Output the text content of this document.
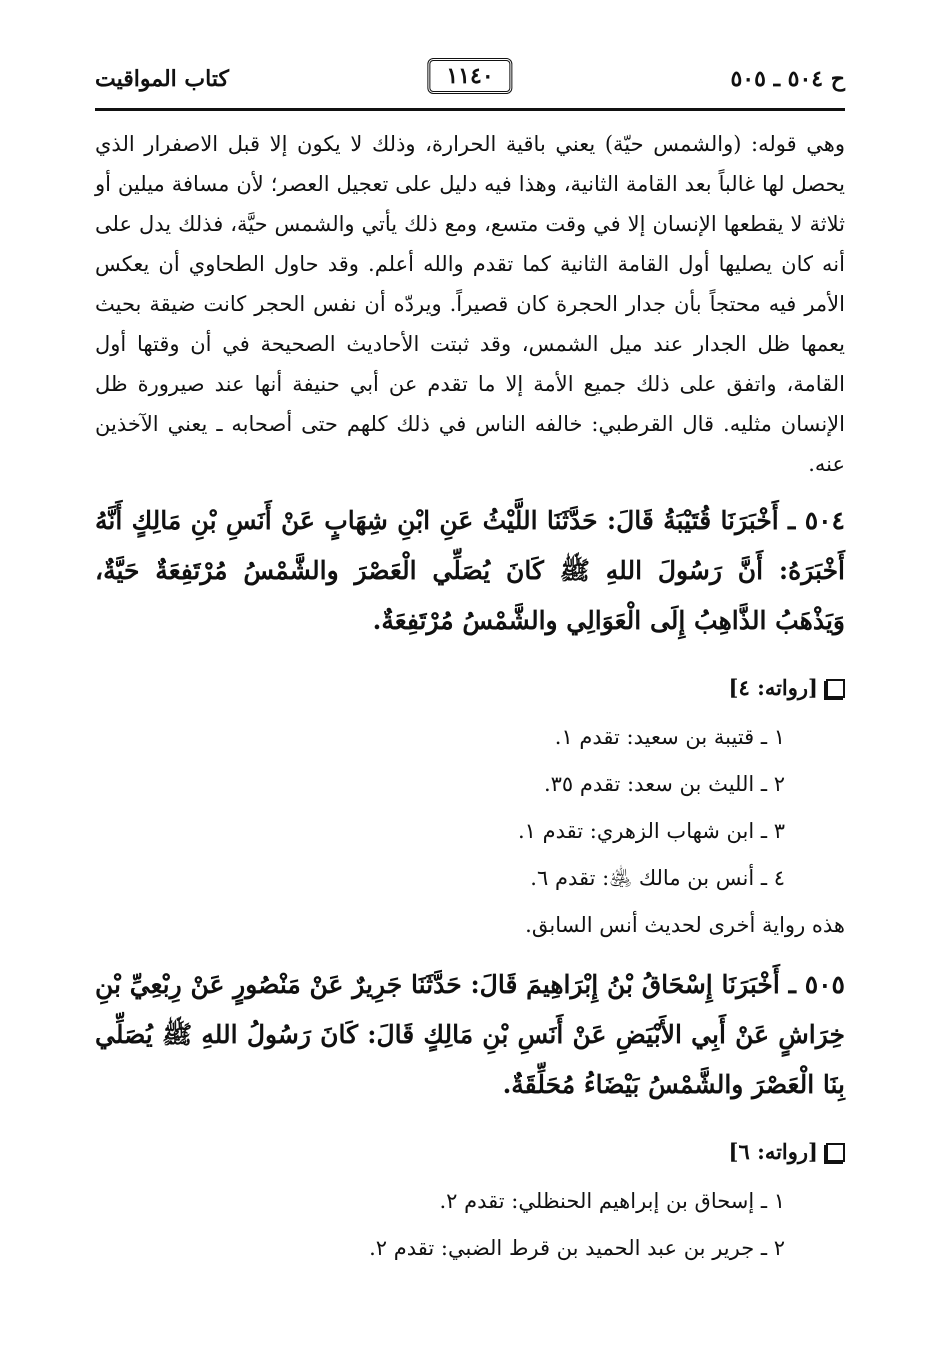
كتاب المواقيت	١١٤٠	ح ٥٠٤ ـ ٥٠٥

وهي قوله: (والشمس حيّة) يعني باقية الحرارة، وذلك لا يكون إلا قبل الاصفرار الذي يحصل لها غالباً بعد القامة الثانية، وهذا فيه دليل على تعجيل العصر؛ لأن مسافة ميلين أو ثلاثة لا يقطعها الإنسان إلا في وقت متسع، ومع ذلك يأتي والشمس حيَّة، فذلك يدل على أنه كان يصليها أول القامة الثانية كما تقدم والله أعلم. وقد حاول الطحاوي أن يعكس الأمر فيه محتجاً بأن جدار الحجرة كان قصيراً. ويردّه أن نفس الحجر كانت ضيقة بحيث يعمها ظل الجدار عند ميل الشمس، وقد ثبتت الأحاديث الصحيحة في أن وقتها أول القامة، واتفق على ذلك جميع الأمة إلا ما تقدم عن أبي حنيفة أنها عند صيرورة ظل الإنسان مثليه. قال القرطبي: خالفه الناس في ذلك كلهم حتى أصحابه ـ يعني الآخذين عنه.

٥٠٤ ـ أَخْبَرَنَا قُتَيْبَةُ قَالَ: حَدَّثَنَا اللَّيْثُ عَنِ ابْنِ شِهَابٍ عَنْ أَنَسِ بْنِ مَالِكٍ أَنَّهُ أَخْبَرَهُ: أَنَّ رَسُولَ اللهِ ﷺ كَانَ يُصَلِّي الْعَصْرَ والشَّمْسُ مُرْتَفِعَةٌ حَيَّةٌ، وَيَذْهَبُ الذَّاهِبُ إِلَى الْعَوَالِي والشَّمْسُ مُرْتَفِعَةٌ.

[رواته: ٤]
١ ـ قتيبة بن سعيد: تقدم ١.
٢ ـ الليث بن سعد: تقدم ٣٥.
٣ ـ ابن شهاب الزهري: تقدم ١.
٤ ـ أنس بن مالك ﵁: تقدم ٦.

هذه رواية أخرى لحديث أنس السابق.

٥٠٥ ـ أَخْبَرَنَا إِسْحَاقُ بْنُ إِبْرَاهِيمَ قَالَ: حَدَّثَنَا جَرِيرٌ عَنْ مَنْصُورٍ عَنْ رِبْعِيِّ بْنِ خِرَاشٍ عَنْ أَبِي الأَبْيَضِ عَنْ أَنَسِ بْنِ مَالِكٍ قَالَ: كَانَ رَسُولُ اللهِ ﷺ يُصَلِّي بِنَا الْعَصْرَ والشَّمْسُ بَيْضَاءُ مُحَلِّقَةٌ.

[رواته: ٦]
١ ـ إسحاق بن إبراهيم الحنظلي: تقدم ٢.
٢ ـ جرير بن عبد الحميد بن قرط الضبي: تقدم ٢.
